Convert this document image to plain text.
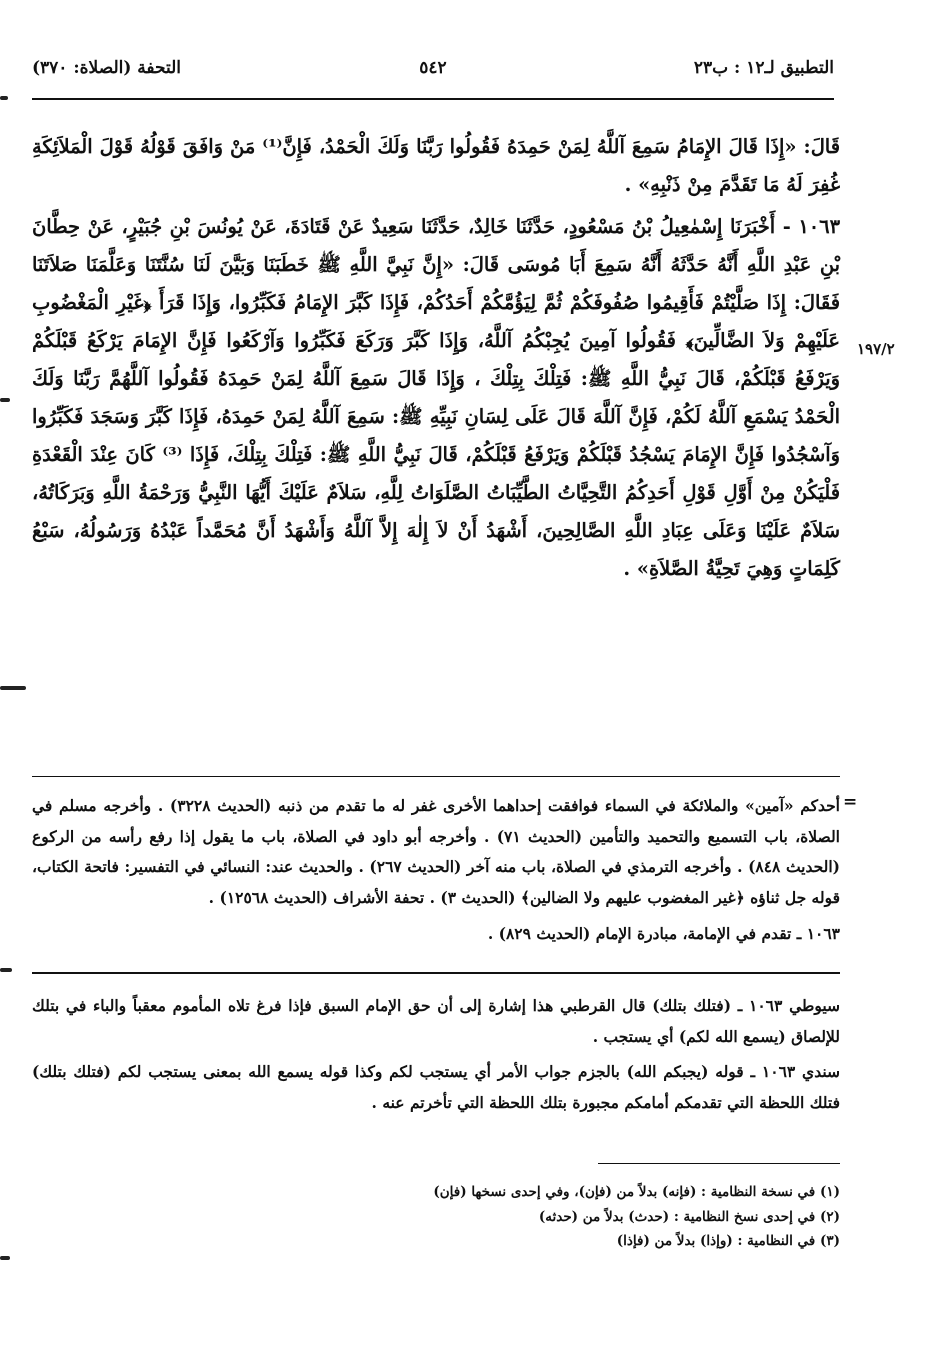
التطبيق لـ١٢ : ب٢٣
٥٤٢
التحفة (الصلاة: ٣٧٠)

قَالَ: «إِذَا قَالَ الإِمَامُ سَمِعَ آللَّهُ لِمَنْ حَمِدَهُ فَقُولُوا رَبَّنَا وَلَكَ الْحَمْدُ، فَإِنَّ⁽¹⁾ مَنْ وَافَقَ قَوْلُهُ قَوْلَ الْمَلاَئِكَةِ غُفِرَ لَهُ مَا تَقَدَّمَ مِنْ ذَنْبِهِ» .

١٠٦٣ - أَخْبَرَنَا إِسْمٰعِيلُ بْنُ مَسْعُودٍ، حَدَّثَنَا خَالِدٌ، حَدَّثَنَا سَعِيدٌ عَنْ قَتَادَةَ، عَنْ يُونُسَ بْنِ جُبَيْرٍ، عَنْ حِطَّانَ بْنِ عَبْدِ اللَّهِ أَنَّهُ حَدَّثَهُ أَنَّهُ سَمِعَ أَبَا مُوسَى قَالَ: «إِنَّ نَبِيَّ اللَّهِ ﷺ خَطَبَنَا وَبَيَّنَ لَنَا سُنَّتَنَا وَعَلَّمَنَا صَلاَتَنَا فَقَالَ: إِذَا صَلَّيْتُمْ فَأَقِيمُوا صُفُوفَكُمْ ثُمَّ لِيَؤُمَّكُمْ أَحَدُكُمْ، فَإِذَا كَبَّرَ الإِمَامُ فَكَبِّرُوا، وَإِذَا قَرَأَ ﴿غَيْرِ الْمَغْضُوبِ عَلَيْهِمْ وَلاَ الضَّالِّينَ﴾ فَقُولُوا آمِينَ يُجِبْكُمُ آللَّهُ، وَإِذَا كَبَّرَ وَرَكَعَ فَكَبِّرُوا وَآرْكَعُوا فَإِنَّ الإِمَامَ يَرْكَعُ قَبْلَكُمْ وَيَرْفَعُ قَبْلَكُمْ، قَالَ نَبِيُّ اللَّهِ ﷺ: فَتِلْكَ بِتِلْكَ ، وَإِذَا قَالَ سَمِعَ آللَّهُ لِمَنْ حَمِدَهُ فَقُولُوا آللَّهُمَّ رَبَّنَا وَلَكَ الْحَمْدُ يَسْمَعِ آللَّهُ لَكُمْ، فَإِنَّ آللَّهَ قَالَ عَلَى لِسَانِ نَبِيِّهِ ﷺ: سَمِعَ آللَّهُ لِمَنْ حَمِدَهُ، فَإِذَا كَبَّرَ وَسَجَدَ فَكَبِّرُوا وَآسْجُدُوا فَإِنَّ الإِمَامَ يَسْجُدُ قَبْلَكُمْ وَيَرْفَعُ قَبْلَكُمْ، قَالَ نَبِيُّ اللَّهِ ﷺ: فَتِلْكَ بِتِلْكَ، فَإِذَا ⁽³⁾ كَانَ عِنْدَ الْقَعْدَةِ فَلْيَكُنْ مِنْ أَوَّلِ قَوْلِ أَحَدِكُمُ التَّحِيَّاتُ الطَّيِّبَاتُ الصَّلَوَاتُ لِلَّهِ، سَلاَمٌ عَلَيْكَ أَيُّهَا النَّبِيُّ وَرَحْمَةُ اللَّهِ وَبَرَكَاتُهُ، سَلاَمٌ عَلَيْنَا وَعَلَى عِبَادِ اللَّهِ الصَّالِحِينَ، أَشْهَدُ أَنْ لاَ إِلٰهَ إِلاَّ آللَّهُ وَأَشْهَدُ أَنَّ مُحَمَّداً عَبْدُهُ وَرَسُولُهُ، سَبْعُ كَلِمَاتٍ وَهِيَ تَحِيَّةُ الصَّلاَةِ» .

١٩٧/٢
=

أحدكم «آمين» والملائكة في السماء فوافقت إحداهما الأخرى غفر له ما تقدم من ذنبه (الحديث ٣٢٢٨) . وأخرجه مسلم في الصلاة، باب التسميع والتحميد والتأمين (الحديث ٧١) . وأخرجه أبو داود في الصلاة، باب ما يقول إذا رفع رأسه من الركوع (الحديث ٨٤٨) . وأخرجه الترمذي في الصلاة، باب منه آخر (الحديث ٢٦٧) . والحديث عند: النسائي في التفسير: فاتحة الكتاب، قوله جل ثناؤه ﴿غير المغضوب عليهم ولا الضالين﴾ (الحديث ٣) . تحفة الأشراف (الحديث ١٢٥٦٨) .

١٠٦٣ ـ تقدم في الإمامة، مبادرة الإمام (الحديث ٨٢٩) .

سيوطي ١٠٦٣ ـ (فتلك بتلك) قال القرطبي هذا إشارة إلى أن حق الإمام السبق فإذا فرغ تلاه المأموم معقباً والباء في بتلك للإلصاق (يسمع الله لكم) أي يستجب .

سندي ١٠٦٣ ـ قوله (يجبكم الله) بالجزم جواب الأمر أي يستجب لكم وكذا قوله يسمع الله بمعنى يستجب لكم (فتلك بتلك) فتلك اللحظة التي تقدمكم أمامكم مجبورة بتلك اللحظة التي تأخرتم عنه .

(١) في نسخة النظامية : (فإنه) بدلاً من (فإن)، وفي إحدى نسخها (فإن)

(٢) في إحدى نسخ النظامية : (حدث) بدلاً من (حدثه)

(٣) في النظامية : (وإذا) بدلاً من (فإذا)
